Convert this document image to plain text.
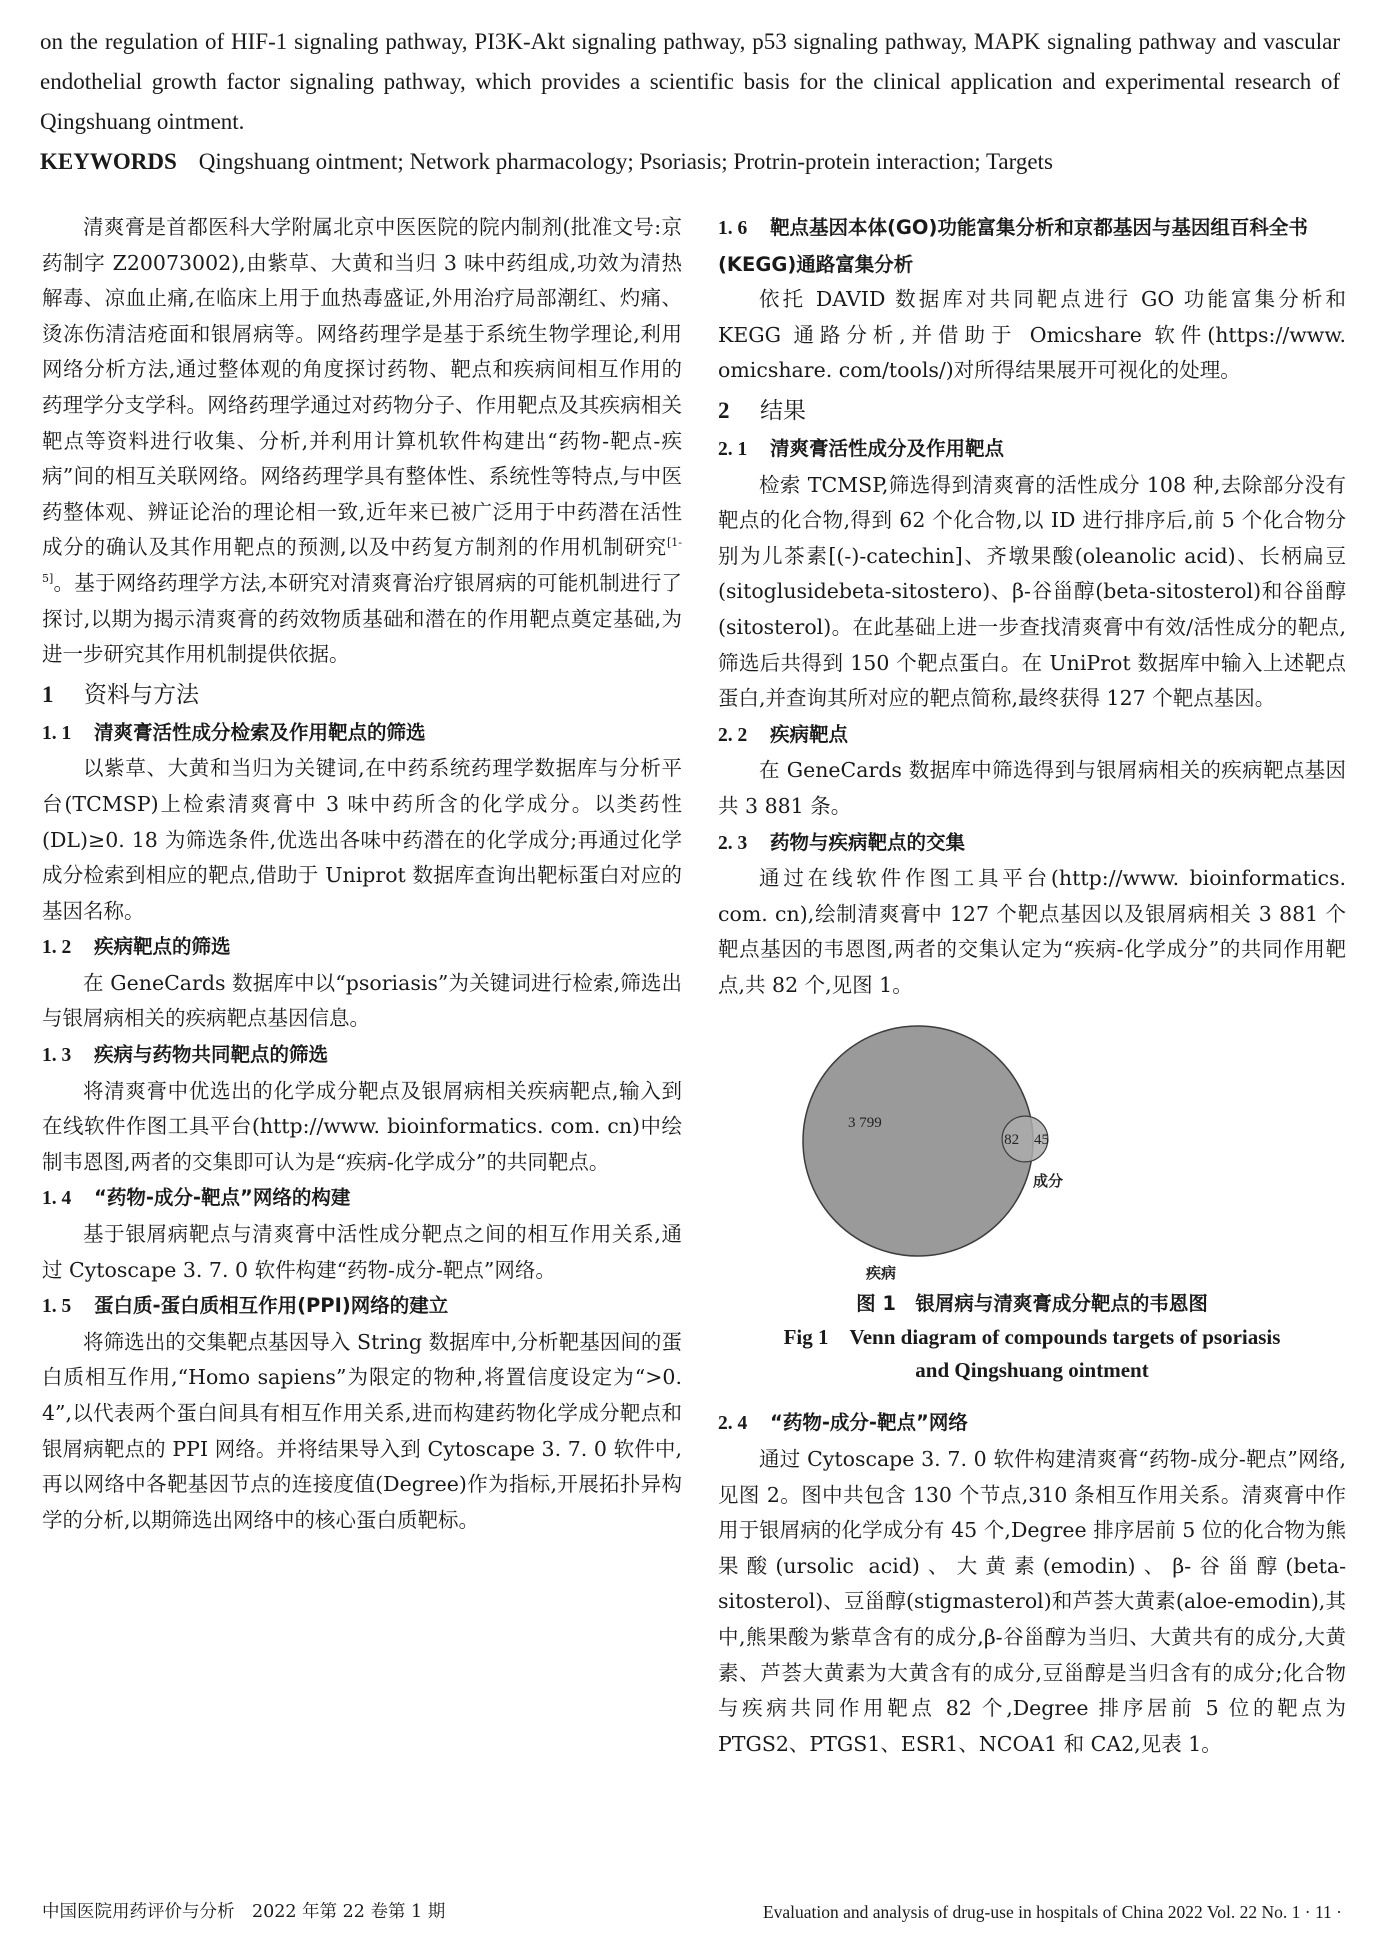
on the regulation of HIF-1 signaling pathway, PI3K-Akt signaling pathway, p53 signaling pathway, MAPK signaling pathway and vascular endothelial growth factor signaling pathway, which provides a scientific basis for the clinical application and experimental research of Qingshuang ointment.

KEYWORDS Qingshuang ointment; Network pharmacology; Psoriasis; Protrin-protein interaction; Targets

清爽膏是首都医科大学附属北京中医医院的院内制剂(批准文号:京药制字 Z20073002),由紫草、大黄和当归 3 味中药组成,功效为清热解毒、凉血止痛,在临床上用于血热毒盛证,外用治疗局部潮红、灼痛、烫冻伤清洁疮面和银屑病等。网络药理学是基于系统生物学理论,利用网络分析方法,通过整体观的角度探讨药物、靶点和疾病间相互作用的药理学分支学科。网络药理学通过对药物分子、作用靶点及其疾病相关靶点等资料进行收集、分析,并利用计算机软件构建出“药物-靶点-疾病”间的相互关联网络。网络药理学具有整体性、系统性等特点,与中医药整体观、辨证论治的理论相一致,近年来已被广泛用于中药潜在活性成分的确认及其作用靶点的预测,以及中药复方制剂的作用机制研究[1-5]。基于网络药理学方法,本研究对清爽膏治疗银屑病的可能机制进行了探讨,以期为揭示清爽膏的药效物质基础和潜在的作用靶点奠定基础,为进一步研究其作用机制提供依据。

1 资料与方法
1. 1 清爽膏活性成分检索及作用靶点的筛选

以紫草、大黄和当归为关键词,在中药系统药理学数据库与分析平台(TCMSP)上检索清爽膏中 3 味中药所含的化学成分。以类药性(DL)≥0. 18 为筛选条件,优选出各味中药潜在的化学成分;再通过化学成分检索到相应的靶点,借助于 Uniprot 数据库查询出靶标蛋白对应的基因名称。

1. 2 疾病靶点的筛选

在 GeneCards 数据库中以“psoriasis”为关键词进行检索,筛选出与银屑病相关的疾病靶点基因信息。

1. 3 疾病与药物共同靶点的筛选

将清爽膏中优选出的化学成分靶点及银屑病相关疾病靶点,输入到在线软件作图工具平台(http://www. bioinformatics. com. cn)中绘制韦恩图,两者的交集即可认为是“疾病-化学成分”的共同靶点。

1. 4 “药物-成分-靶点”网络的构建

基于银屑病靶点与清爽膏中活性成分靶点之间的相互作用关系,通过 Cytoscape 3. 7. 0 软件构建“药物-成分-靶点”网络。

1. 5 蛋白质-蛋白质相互作用(PPI)网络的建立

将筛选出的交集靶点基因导入 String 数据库中,分析靶基因间的蛋白质相互作用,“Homo sapiens”为限定的物种,将置信度设定为“>0. 4”,以代表两个蛋白间具有相互作用关系,进而构建药物化学成分靶点和银屑病靶点的 PPI 网络。并将结果导入到 Cytoscape 3. 7. 0 软件中,再以网络中各靶基因节点的连接度值(Degree)作为指标,开展拓扑异构学的分析,以期筛选出网络中的核心蛋白质靶标。

1. 6 靶点基因本体(GO)功能富集分析和京都基因与基因组百科全书(KEGG)通路富集分析

依托 DAVID 数据库对共同靶点进行 GO 功能富集分析和 KEGG 通路分析,并借助于 Omicshare 软件(https://www. omicshare. com/tools/)对所得结果展开可视化的处理。

2 结果
2. 1 清爽膏活性成分及作用靶点

检索 TCMSP,筛选得到清爽膏的活性成分 108 种,去除部分没有靶点的化合物,得到 62 个化合物,以 ID 进行排序后,前 5 个化合物分别为儿茶素[(-)-catechin]、齐墩果酸(oleanolic acid)、长柄扁豆(sitoglusidebeta-sitostero)、β-谷甾醇(beta-sitosterol)和谷甾醇(sitosterol)。在此基础上进一步查找清爽膏中有效/活性成分的靶点,筛选后共得到 150 个靶点蛋白。在 UniProt 数据库中输入上述靶点蛋白,并查询其所对应的靶点简称,最终获得 127 个靶点基因。

2. 2 疾病靶点

在 GeneCards 数据库中筛选得到与银屑病相关的疾病靶点基因共 3 881 条。

2. 3 药物与疾病靶点的交集

通过在线软件作图工具平台(http://www. bioinformatics. com. cn),绘制清爽膏中 127 个靶点基因以及银屑病相关 3 881 个靶点基因的韦恩图,两者的交集认定为“疾病-化学成分”的共同作用靶点,共 82 个,见图 1。

3 799
82 45
疾病
成分
图 1　银屑病与清爽膏成分靶点的韦恩图
Fig 1　Venn diagram of compounds targets of psoriasis
and Qingshuang ointment
2. 4 “药物-成分-靶点”网络

通过 Cytoscape 3. 7. 0 软件构建清爽膏“药物-成分-靶点”网络,见图 2。图中共包含 130 个节点,310 条相互作用关系。清爽膏中作用于银屑病的化学成分有 45 个,Degree 排序居前 5 位的化合物为熊果酸(ursolic acid)、大黄素(emodin)、β-谷甾醇(beta-sitosterol)、豆甾醇(stigmasterol)和芦荟大黄素(aloe-emodin),其中,熊果酸为紫草含有的成分,β-谷甾醇为当归、大黄共有的成分,大黄素、芦荟大黄素为大黄含有的成分,豆甾醇是当归含有的成分;化合物与疾病共同作用靶点 82 个,Degree 排序居前 5 位的靶点为 PTGS2、PTGS1、ESR1、NCOA1 和 CA2,见表 1。

中国医院用药评价与分析　2022 年第 22 卷第 1 期	Evaluation and analysis of drug-use in hospitals of China 2022 Vol. 22 No. 1 · 11 ·
